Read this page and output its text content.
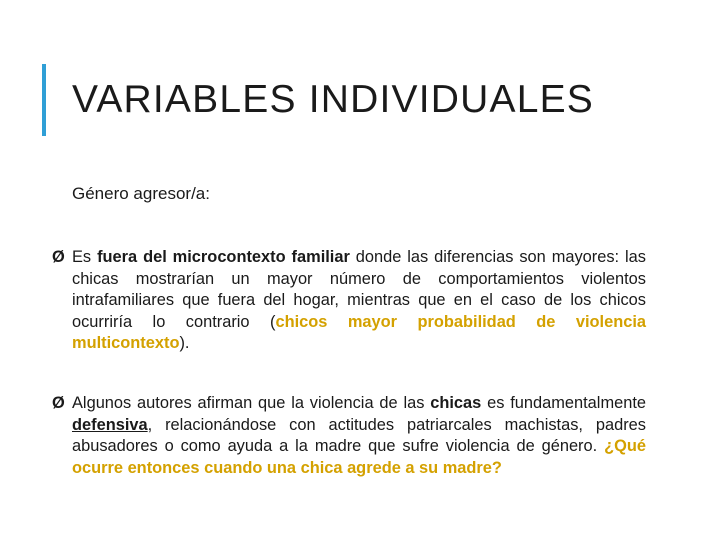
VARIABLES INDIVIDUALES
Género agresor/a:
Ø Es fuera del microcontexto familiar donde las diferencias son mayores: las chicas mostrarían un mayor número de comportamientos violentos intrafamiliares que fuera del hogar, mientras que en el caso de los chicos ocurriría lo contrario (chicos mayor probabilidad de violencia multicontexto).
Ø Algunos autores afirman que la violencia de las chicas es fundamentalmente defensiva, relacionándose con actitudes patriarcales machistas, padres abusadores o como ayuda a la madre que sufre violencia de género. ¿Qué ocurre entonces cuando una chica agrede a su madre?
